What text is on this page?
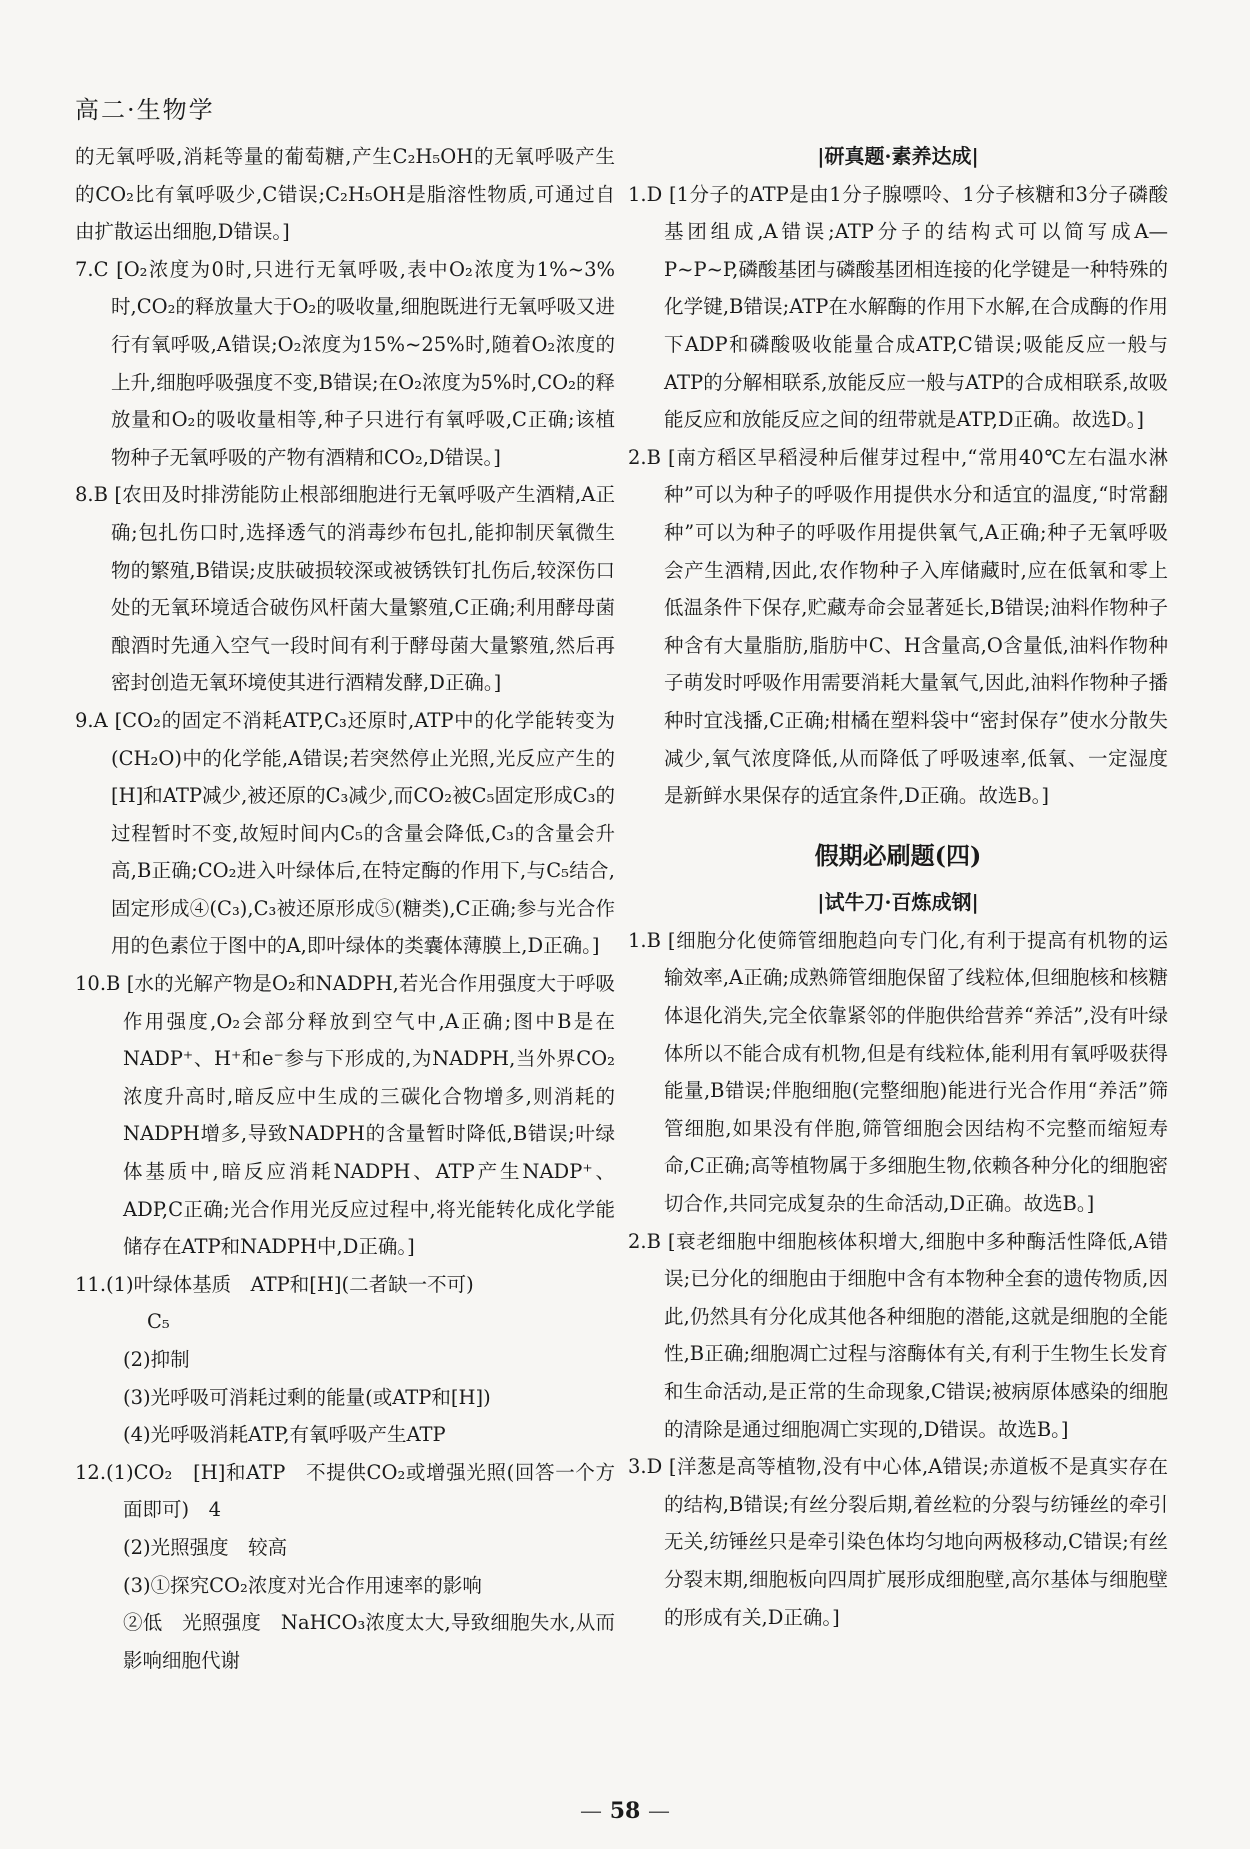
高二·生物学

的无氧呼吸,消耗等量的葡萄糖,产生C₂H₅OH的无氧呼吸产生的CO₂比有氧呼吸少,C错误;C₂H₅OH是脂溶性物质,可通过自由扩散运出细胞,D错误。]

7.C [O₂浓度为0时,只进行无氧呼吸,表中O₂浓度为1%~3%时,CO₂的释放量大于O₂的吸收量,细胞既进行无氧呼吸又进行有氧呼吸,A错误;O₂浓度为15%~25%时,随着O₂浓度的上升,细胞呼吸强度不变,B错误;在O₂浓度为5%时,CO₂的释放量和O₂的吸收量相等,种子只进行有氧呼吸,C正确;该植物种子无氧呼吸的产物有酒精和CO₂,D错误。]

8.B [农田及时排涝能防止根部细胞进行无氧呼吸产生酒精,A正确;包扎伤口时,选择透气的消毒纱布包扎,能抑制厌氧微生物的繁殖,B错误;皮肤破损较深或被锈铁钉扎伤后,较深伤口处的无氧环境适合破伤风杆菌大量繁殖,C正确;利用酵母菌酿酒时先通入空气一段时间有利于酵母菌大量繁殖,然后再密封创造无氧环境使其进行酒精发酵,D正确。]

9.A [CO₂的固定不消耗ATP,C₃还原时,ATP中的化学能转变为(CH₂O)中的化学能,A错误;若突然停止光照,光反应产生的[H]和ATP减少,被还原的C₃减少,而CO₂被C₅固定形成C₃的过程暂时不变,故短时间内C₅的含量会降低,C₃的含量会升高,B正确;CO₂进入叶绿体后,在特定酶的作用下,与C₅结合,固定形成④(C₃),C₃被还原形成⑤(糖类),C正确;参与光合作用的色素位于图中的A,即叶绿体的类囊体薄膜上,D正确。]

10.B [水的光解产物是O₂和NADPH,若光合作用强度大于呼吸作用强度,O₂会部分释放到空气中,A正确;图中B是在NADP⁺、H⁺和e⁻参与下形成的,为NADPH,当外界CO₂浓度升高时,暗反应中生成的三碳化合物增多,则消耗的NADPH增多,导致NADPH的含量暂时降低,B错误;叶绿体基质中,暗反应消耗NADPH、ATP产生NADP⁺、ADP,C正确;光合作用光反应过程中,将光能转化成化学能储存在ATP和NADPH中,D正确。]

11.(1)叶绿体基质　ATP和[H](二者缺一不可)

C₅

(2)抑制

(3)光呼吸可消耗过剩的能量(或ATP和[H])

(4)光呼吸消耗ATP,有氧呼吸产生ATP

12.(1)CO₂　[H]和ATP　不提供CO₂或增强光照(回答一个方面即可)　4

(2)光照强度　较高

(3)①探究CO₂浓度对光合作用速率的影响

②低　光照强度　NaHCO₃浓度太大,导致细胞失水,从而影响细胞代谢

|研真题·素养达成|

1.D [1分子的ATP是由1分子腺嘌呤、1分子核糖和3分子磷酸基团组成,A错误;ATP分子的结构式可以简写成A—P~P~P,磷酸基团与磷酸基团相连接的化学键是一种特殊的化学键,B错误;ATP在水解酶的作用下水解,在合成酶的作用下ADP和磷酸吸收能量合成ATP,C错误;吸能反应一般与ATP的分解相联系,放能反应一般与ATP的合成相联系,故吸能反应和放能反应之间的纽带就是ATP,D正确。故选D。]

2.B [南方稻区早稻浸种后催芽过程中,“常用40℃左右温水淋种”可以为种子的呼吸作用提供水分和适宜的温度,“时常翻种”可以为种子的呼吸作用提供氧气,A正确;种子无氧呼吸会产生酒精,因此,农作物种子入库储藏时,应在低氧和零上低温条件下保存,贮藏寿命会显著延长,B错误;油料作物种子种含有大量脂肪,脂肪中C、H含量高,O含量低,油料作物种子萌发时呼吸作用需要消耗大量氧气,因此,油料作物种子播种时宜浅播,C正确;柑橘在塑料袋中“密封保存”使水分散失减少,氧气浓度降低,从而降低了呼吸速率,低氧、一定湿度是新鲜水果保存的适宜条件,D正确。故选B。]

假期必刷题(四)

|试牛刀·百炼成钢|

1.B [细胞分化使筛管细胞趋向专门化,有利于提高有机物的运输效率,A正确;成熟筛管细胞保留了线粒体,但细胞核和核糖体退化消失,完全依靠紧邻的伴胞供给营养“养活”,没有叶绿体所以不能合成有机物,但是有线粒体,能利用有氧呼吸获得能量,B错误;伴胞细胞(完整细胞)能进行光合作用“养活”筛管细胞,如果没有伴胞,筛管细胞会因结构不完整而缩短寿命,C正确;高等植物属于多细胞生物,依赖各种分化的细胞密切合作,共同完成复杂的生命活动,D正确。故选B。]

2.B [衰老细胞中细胞核体积增大,细胞中多种酶活性降低,A错误;已分化的细胞由于细胞中含有本物种全套的遗传物质,因此,仍然具有分化成其他各种细胞的潜能,这就是细胞的全能性,B正确;细胞凋亡过程与溶酶体有关,有利于生物生长发育和生命活动,是正常的生命现象,C错误;被病原体感染的细胞的清除是通过细胞凋亡实现的,D错误。故选B。]

3.D [洋葱是高等植物,没有中心体,A错误;赤道板不是真实存在的结构,B错误;有丝分裂后期,着丝粒的分裂与纺锤丝的牵引无关,纺锤丝只是牵引染色体均匀地向两极移动,C错误;有丝分裂末期,细胞板向四周扩展形成细胞壁,高尔基体与细胞壁的形成有关,D正确。]

— 58 —
